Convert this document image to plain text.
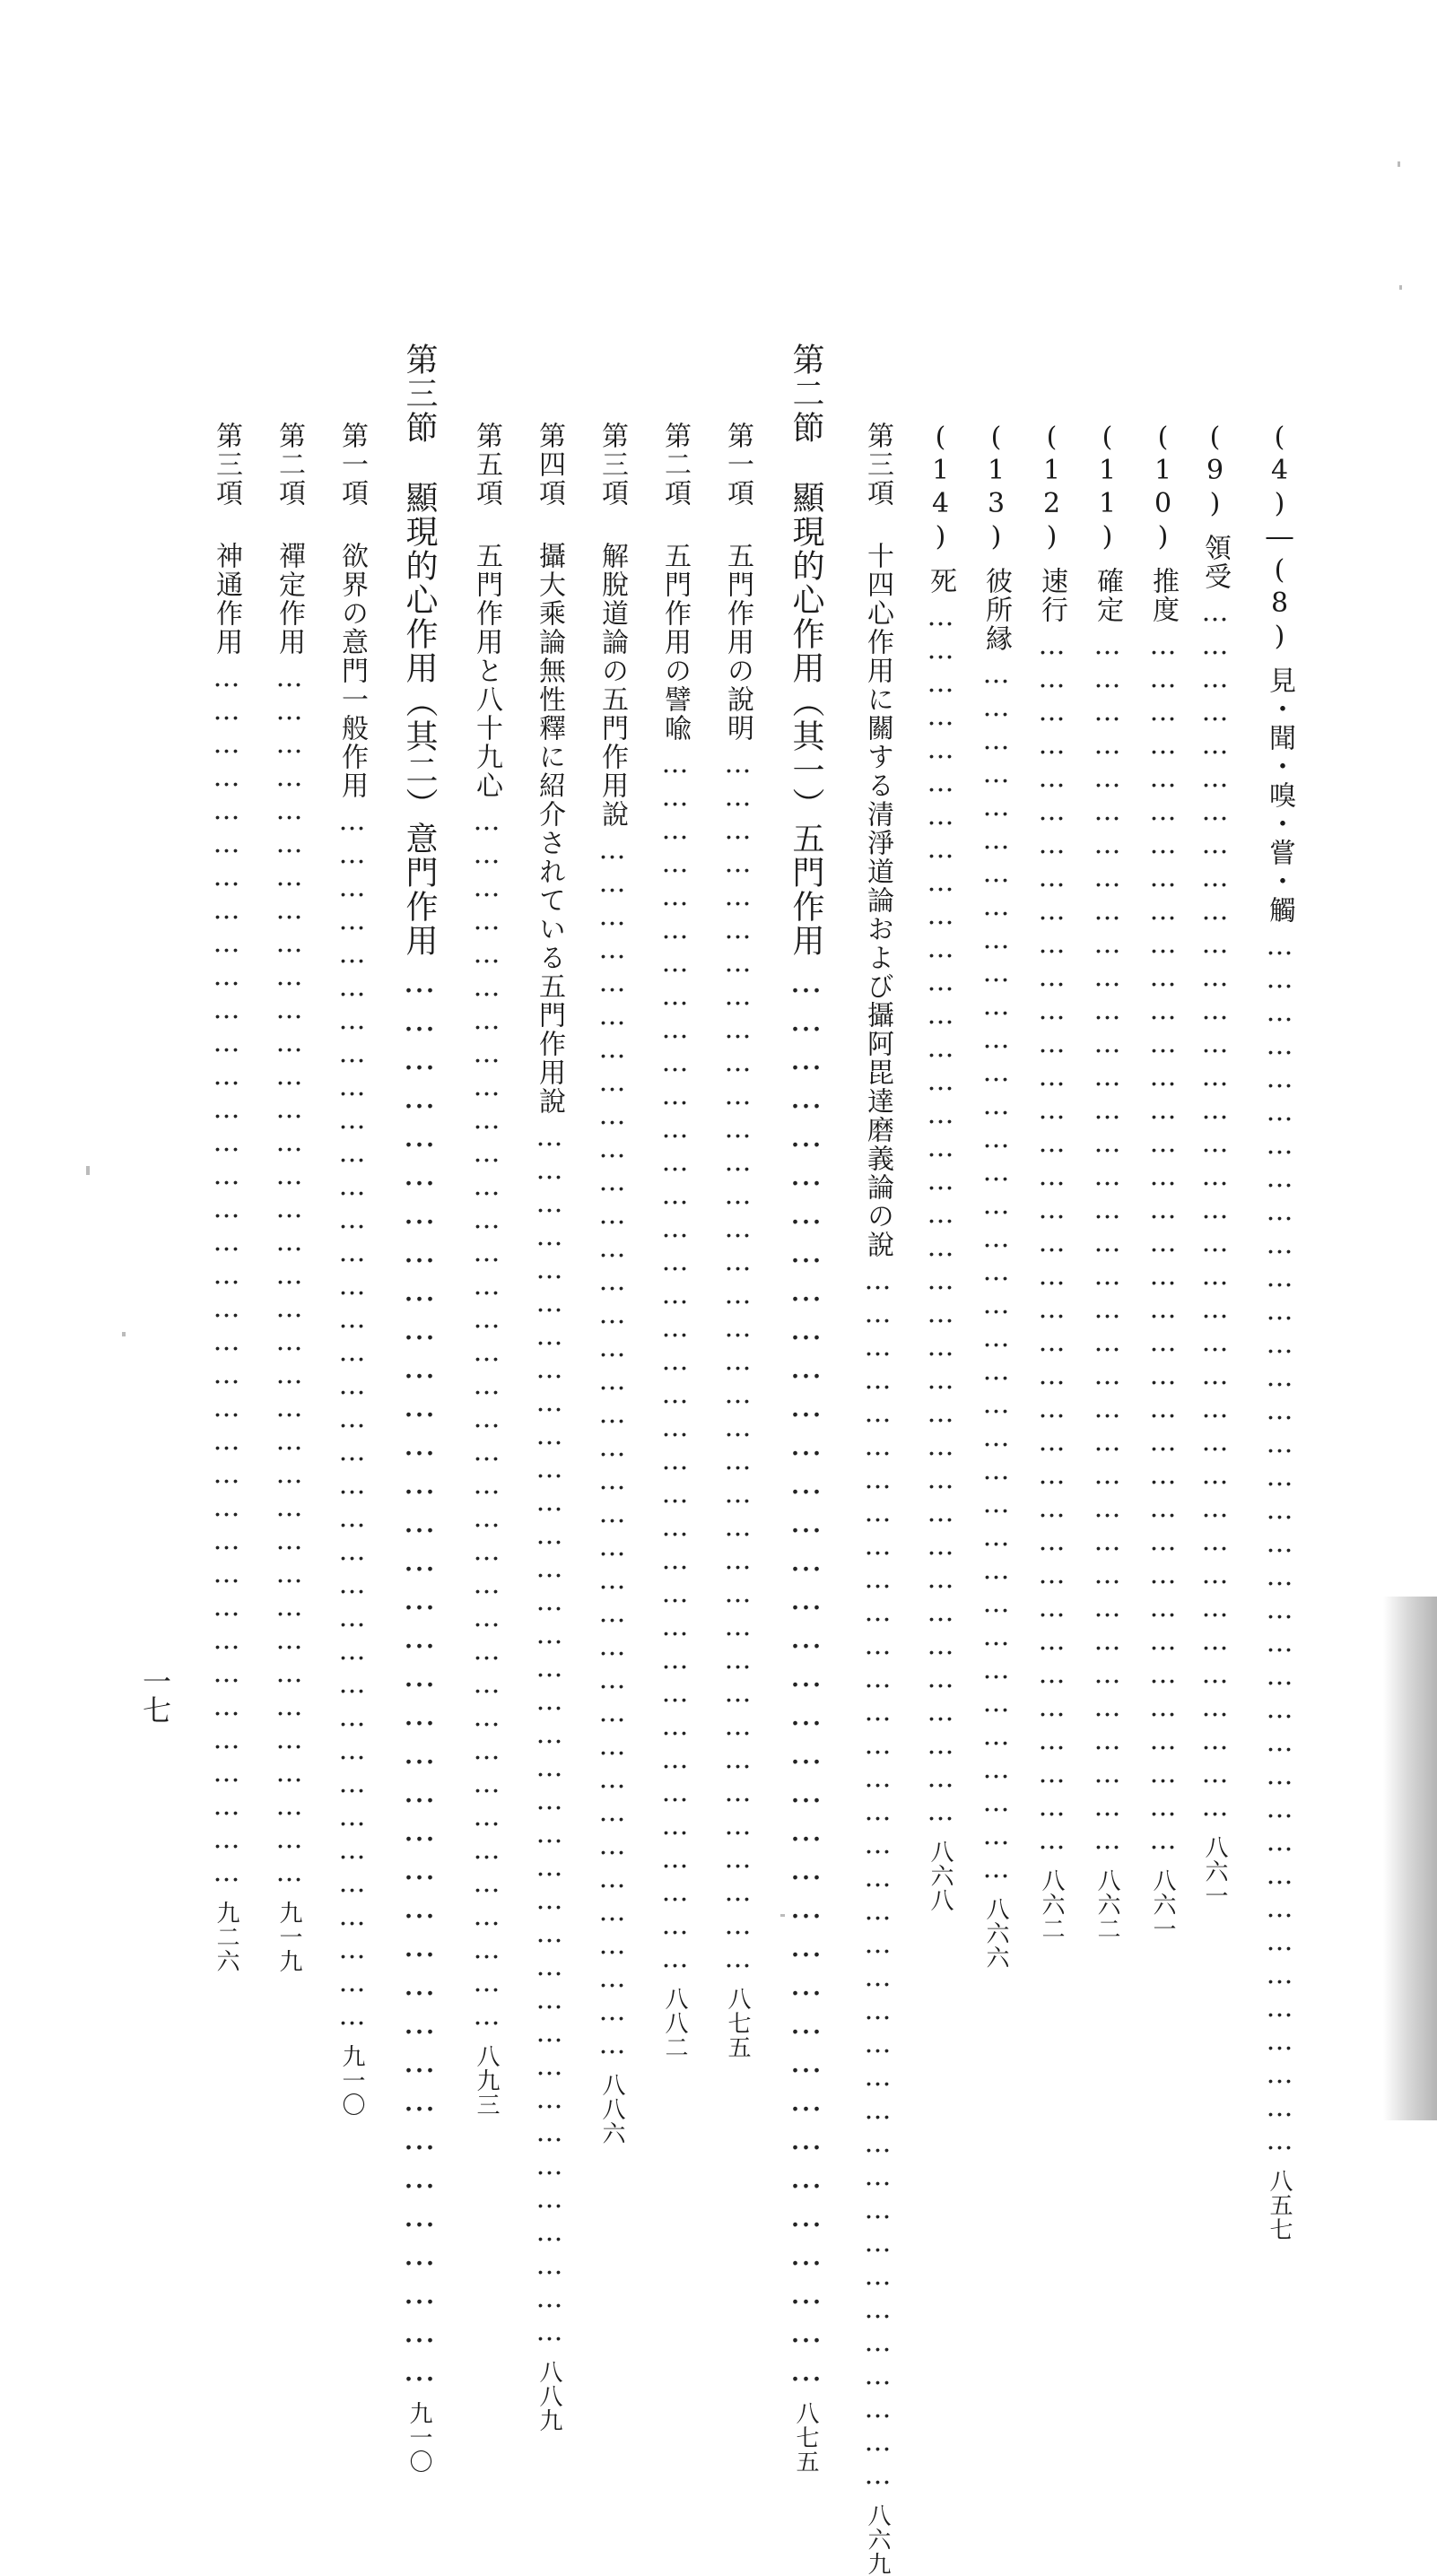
(4)―(8)
見・聞・嗅・嘗・觸
…………………………………………………………………………………………………
八五七
(9)
領受
…………………………………………………………………………………………………
八六一
(10)
推度
…………………………………………………………………………………………………
八六一
(11)
確定
…………………………………………………………………………………………………
八六二
(12)
速行
…………………………………………………………………………………………………
八六二
(13)
彼所縁
…………………………………………………………………………………………………
八六六
(14)
死
…………………………………………………………………………………………………
八六八
第三項
十四心作用に關する清淨道論および攝阿毘達磨義論の說
…………………………………………………………………………………………………
八六九
第二節
顯現的心作用（其一）五門作用
…………………………………………………………………………………………………
八七五
第一項
五門作用の說明
…………………………………………………………………………………………………
八七五
第二項
五門作用の譬喩
…………………………………………………………………………………………………
八八二
第三項
解脫道論の五門作用說
…………………………………………………………………………………………………
八八六
第四項
攝大乘論無性釋に紹介されている五門作用說
…………………………………………………………………………………………………
八八九
第五項
五門作用と八十九心
…………………………………………………………………………………………………
八九三
第三節
顯現的心作用（其二）意門作用
…………………………………………………………………………………………………
九一〇
第一項
欲界の意門一般作用
…………………………………………………………………………………………………
九一〇
第二項
禪定作用
…………………………………………………………………………………………………
九一九
第三項
神通作用
…………………………………………………………………………………………………
九二六
一七
